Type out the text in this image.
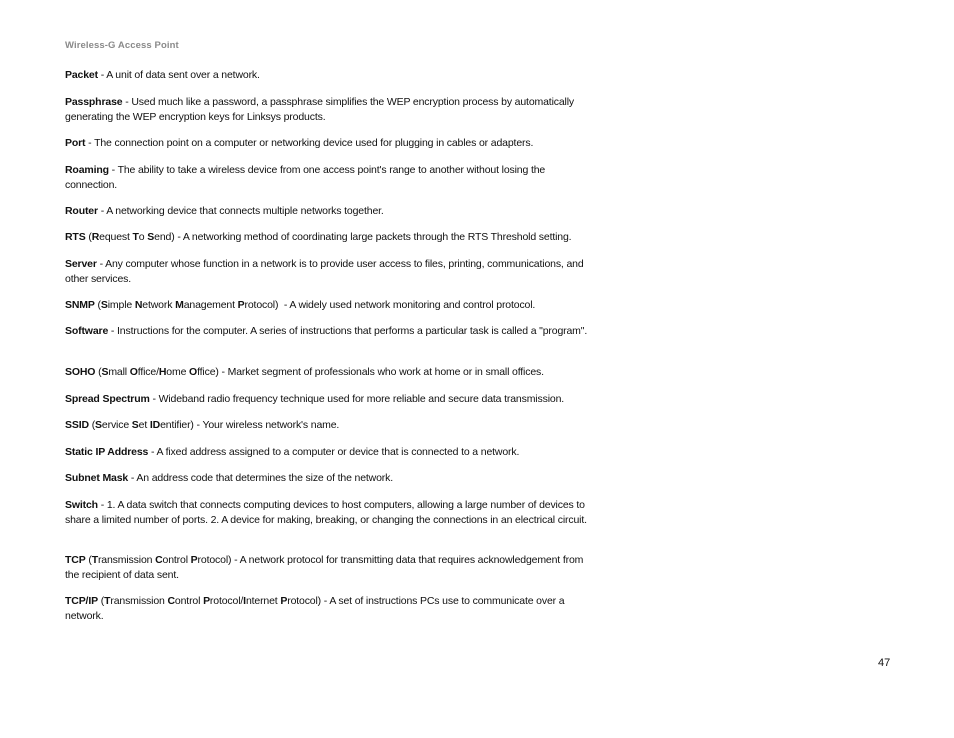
Wireless-G Access Point

Packet - A unit of data sent over a network.

Passphrase - Used much like a password, a passphrase simplifies the WEP encryption process by automatically generating the WEP encryption keys for Linksys products.

Port - The connection point on a computer or networking device used for plugging in cables or adapters.

Roaming - The ability to take a wireless device from one access point's range to another without losing the connection.

Router - A networking device that connects multiple networks together.

RTS (Request To Send) - A networking method of coordinating large packets through the RTS Threshold setting.

Server - Any computer whose function in a network is to provide user access to files, printing, communications, and other services.

SNMP (Simple Network Management Protocol)  - A widely used network monitoring and control protocol.

Software - Instructions for the computer. A series of instructions that performs a particular task is called a "program".

SOHO (Small Office/Home Office) - Market segment of professionals who work at home or in small offices.

Spread Spectrum - Wideband radio frequency technique used for more reliable and secure data transmission.

SSID (Service Set IDentifier) - Your wireless network's name.

Static IP Address - A fixed address assigned to a computer or device that is connected to a network.

Subnet Mask - An address code that determines the size of the network.

Switch - 1. A data switch that connects computing devices to host computers, allowing a large number of devices to share a limited number of ports. 2. A device for making, breaking, or changing the connections in an electrical circuit.

TCP (Transmission Control Protocol) - A network protocol for transmitting data that requires acknowledgement from the recipient of data sent.

TCP/IP (Transmission Control Protocol/Internet Protocol) - A set of instructions PCs use to communicate over a network.

47
